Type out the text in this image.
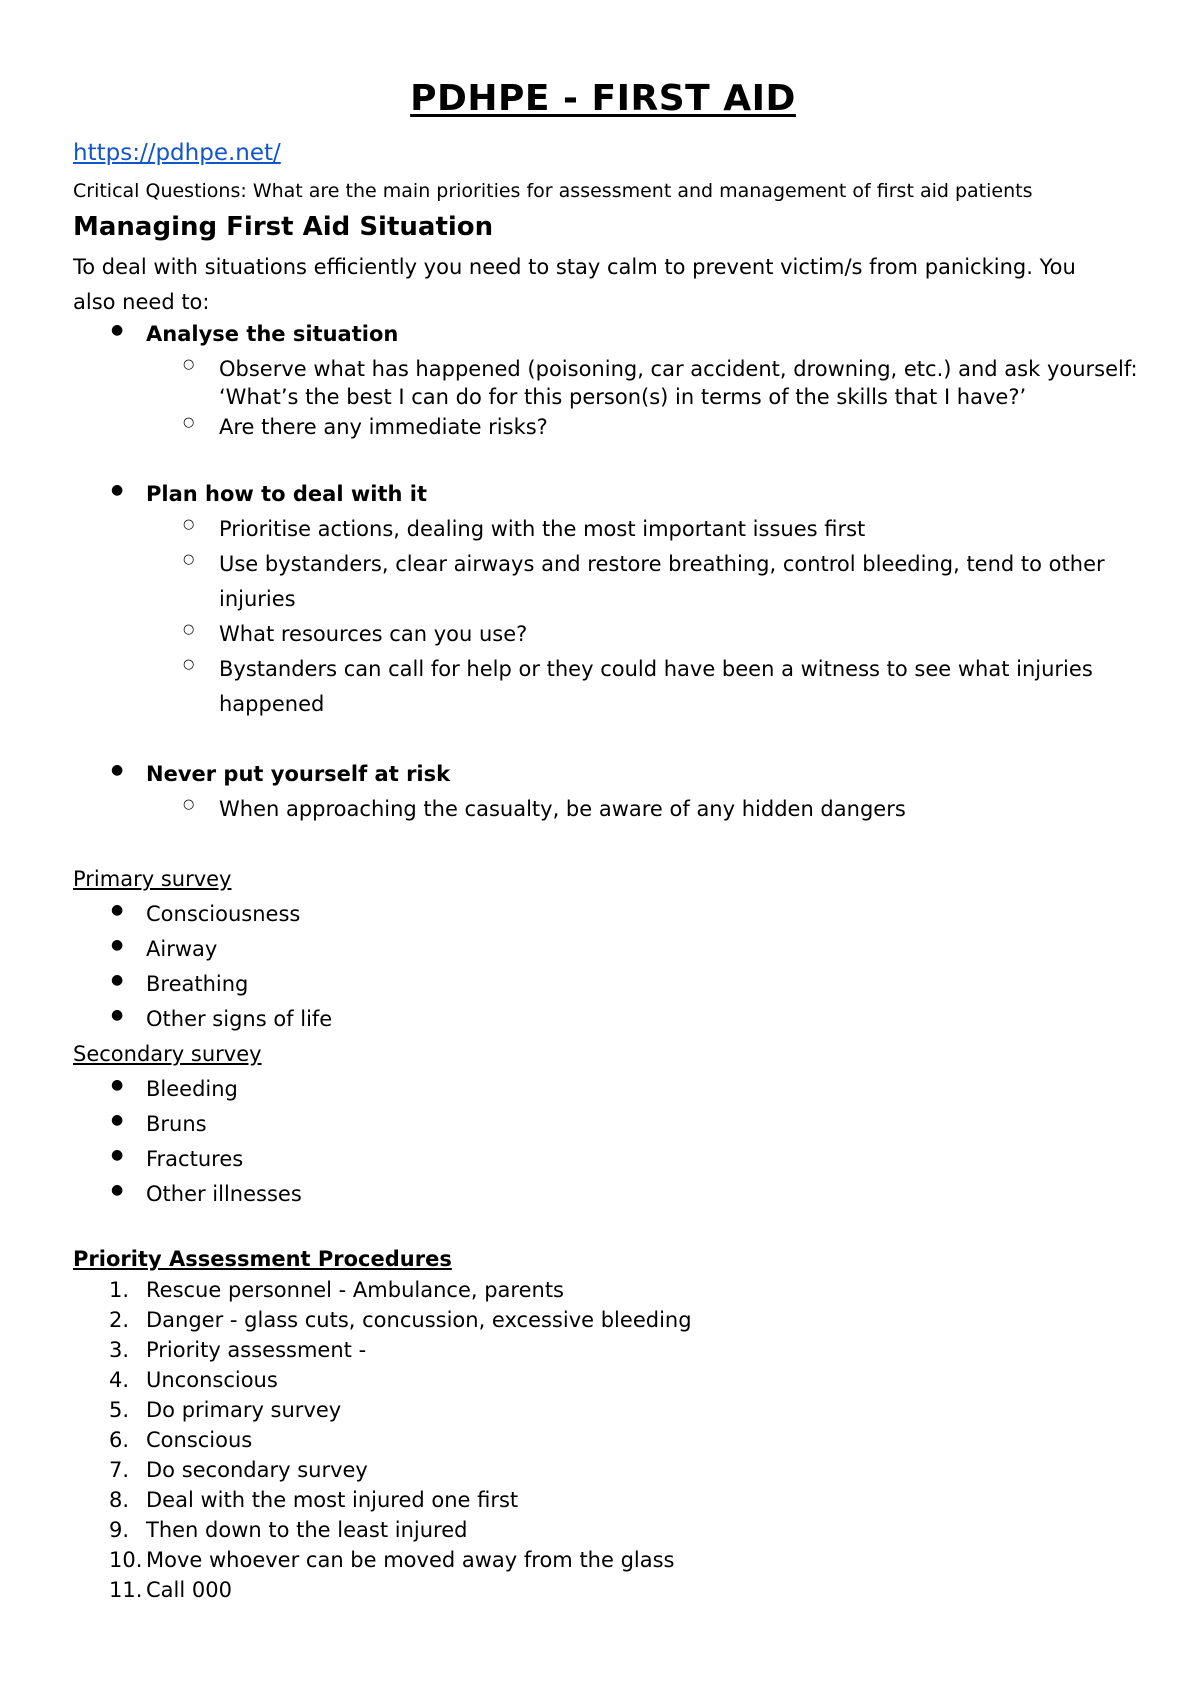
PDHPE - FIRST AID
https://pdhpe.net/
Critical Questions: What are the main priorities for assessment and management of first aid patients
Managing First Aid Situation
To deal with situations efficiently you need to stay calm to prevent victim/s from panicking. You also need to:
● Analyse the situation
○ Observe what has happened (poisoning, car accident, drowning, etc.) and ask yourself:
‘What’s the best I can do for this person(s) in terms of the skills that I have?’
○ Are there any immediate risks?
● Plan how to deal with it
○ Prioritise actions, dealing with the most important issues first
○ Use bystanders, clear airways and restore breathing, control bleeding, tend to other
injuries
○ What resources can you use?
○ Bystanders can call for help or they could have been a witness to see what injuries
happened
● Never put yourself at risk
○ When approaching the casualty, be aware of any hidden dangers
Primary survey
● Consciousness
● Airway
● Breathing
● Other signs of life
Secondary survey
● Bleeding
● Bruns
● Fractures
● Other illnesses
Priority Assessment Procedures
1. Rescue personnel - Ambulance, parents
2. Danger - glass cuts, concussion, excessive bleeding
3. Priority assessment -
4. Unconscious
5. Do primary survey
6. Conscious
7. Do secondary survey
8. Deal with the most injured one first
9. Then down to the least injured
10. Move whoever can be moved away from the glass
11. Call 000
